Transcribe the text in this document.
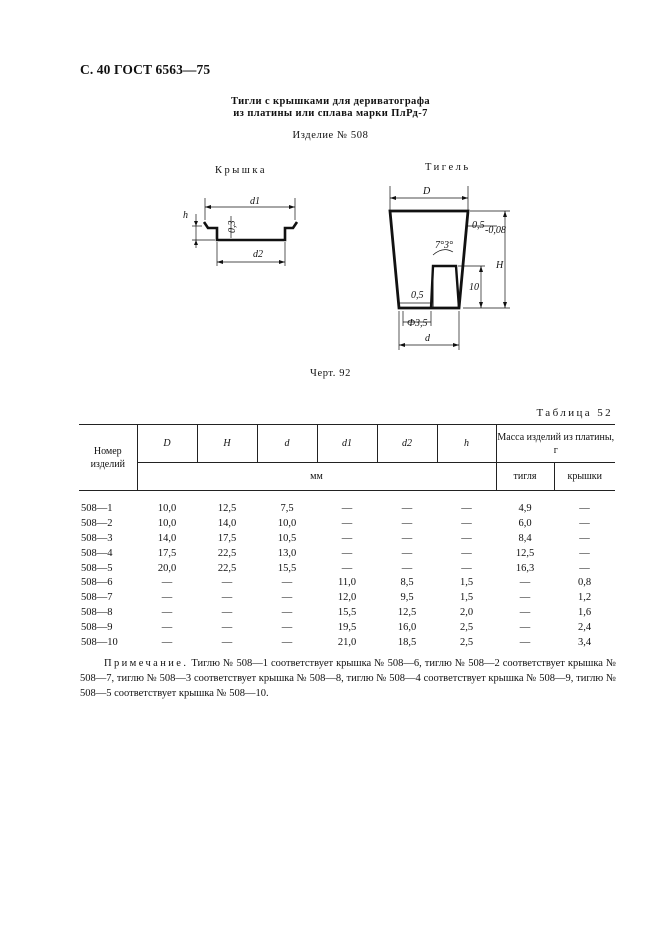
С. 40 ГОСТ 6563—75
Тигли с крышками для дериватографа
из платины или сплава марки ПлРд-7
Изделие № 508
Крышка	Тигель
d1
h
0,3
d2
D
H
10
0,5 -0,08
7°3°
0,5
Ф3,5
d
Черт. 92
Таблица 52
Номер изделий	D	H	d	d1	d2	h	Масса изделий из платины, г	
	мм						тигля	крышки
508—1	10,0	12,5	7,5	—	—	—	4,9	—
508—2	10,0	14,0	10,0	—	—	—	6,0	—
508—3	14,0	17,5	10,5	—	—	—	8,4	—
508—4	17,5	22,5	13,0	—	—	—	12,5	—
508—5	20,0	22,5	15,5	—	—	—	16,3	—
508—6	—	—	—	11,0	8,5	1,5	—	0,8
508—7	—	—	—	12,0	9,5	1,5	—	1,2
508—8	—	—	—	15,5	12,5	2,0	—	1,6
508—9	—	—	—	19,5	16,0	2,5	—	2,4
508—10	—	—	—	21,0	18,5	2,5	—	3,4
Примечание. Тиглю № 508—1 соответствует крышка № 508—6, тиглю № 508—2 соответствует крышка № 508—7, тиглю № 508—3 соответствует крышка № 508—8, тиглю № 508—4 соответствует крышка № 508—9, тиглю № 508—5 соответствует крышка № 508—10.
